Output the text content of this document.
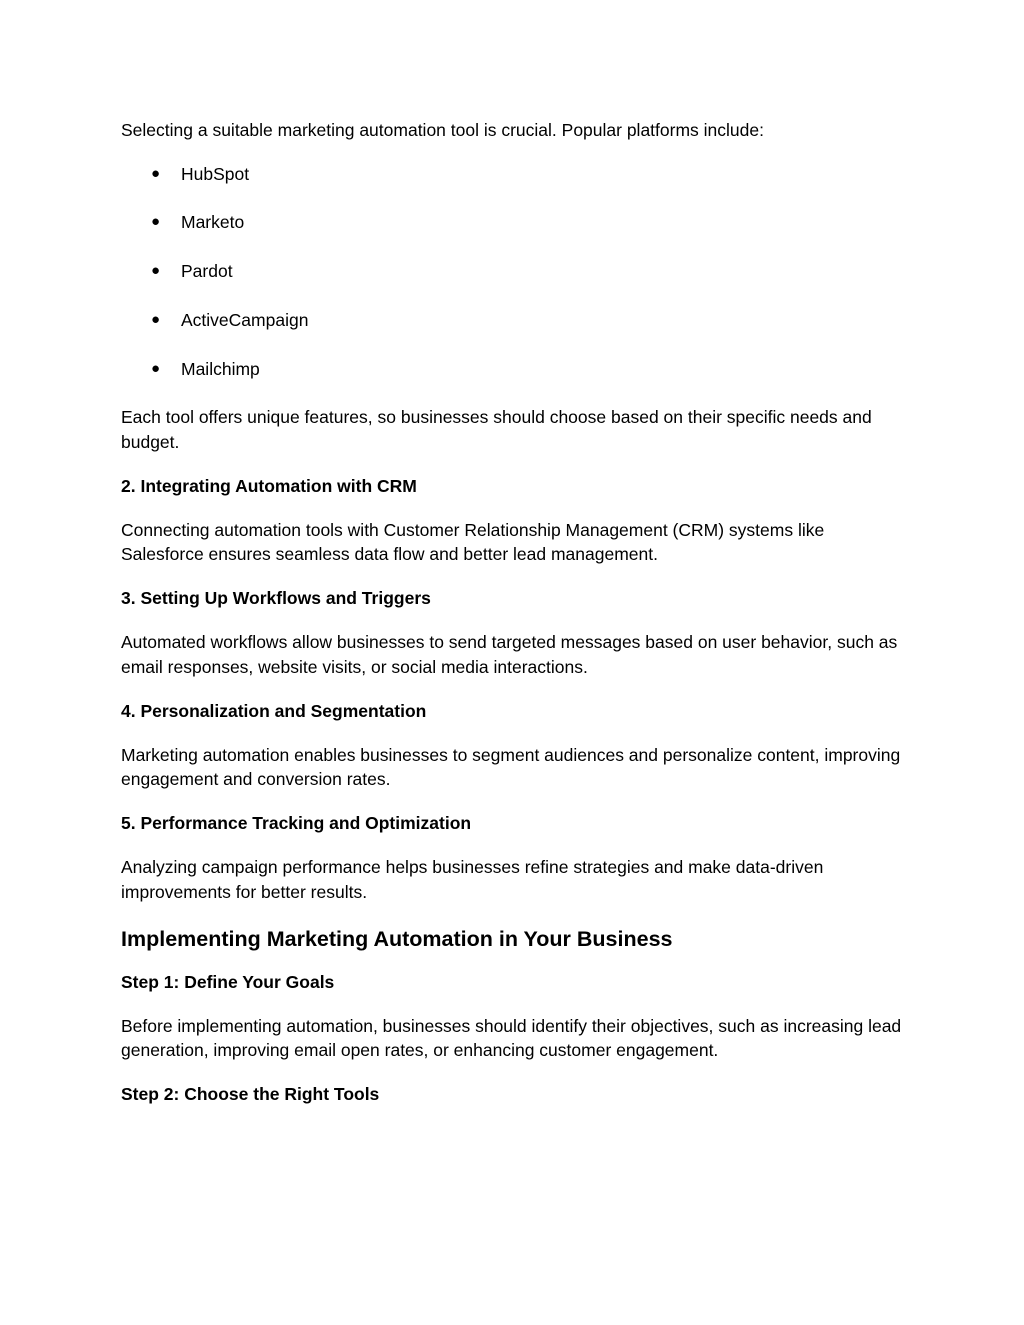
Selecting a suitable marketing automation tool is crucial. Popular platforms include:

● HubSpot
● Marketo
● Pardot
● ActiveCampaign
● Mailchimp

Each tool offers unique features, so businesses should choose based on their specific needs and budget.

2. Integrating Automation with CRM

Connecting automation tools with Customer Relationship Management (CRM) systems like Salesforce ensures seamless data flow and better lead management.

3. Setting Up Workflows and Triggers

Automated workflows allow businesses to send targeted messages based on user behavior, such as email responses, website visits, or social media interactions.

4. Personalization and Segmentation

Marketing automation enables businesses to segment audiences and personalize content, improving engagement and conversion rates.

5. Performance Tracking and Optimization

Analyzing campaign performance helps businesses refine strategies and make data-driven improvements for better results.

Implementing Marketing Automation in Your Business
Step 1: Define Your Goals

Before implementing automation, businesses should identify their objectives, such as increasing lead generation, improving email open rates, or enhancing customer engagement.

Step 2: Choose the Right Tools
